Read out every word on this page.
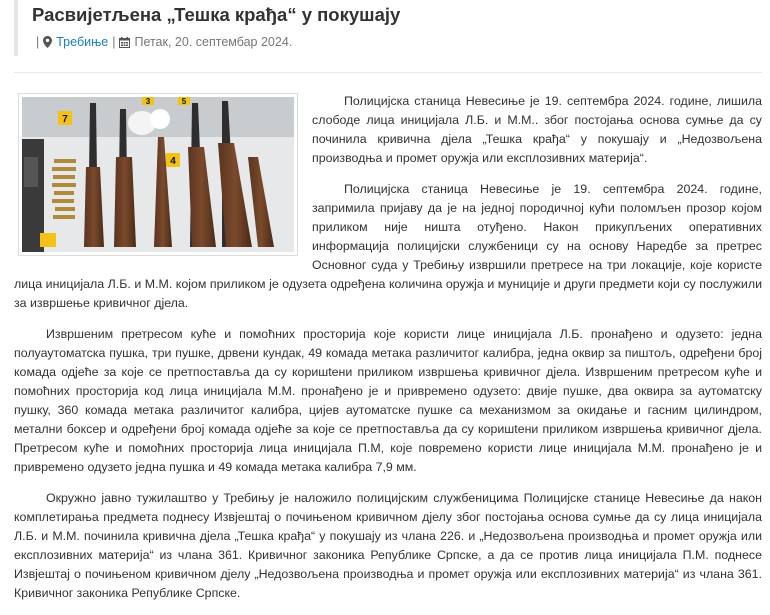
Расвијетљена „Тешка крађа“ у покушају
| Требиње | Петак, 20. септембар 2024.
7
3	5
4

Полицијска станица Невесиње је 19. септембра 2024. године, лишила слободе лица иницијала Л.Б. и М.М.. због постојања основа сумње да су починила кривична дјела „Тешка крађа“ у покушају и „Недозвољена производња и промет оружја или експлозивних материја“.

Полицијска станица Невесиње је 19. септембра 2024. године, запримила пријаву да је на једној породичној кући поломљен прозор којом приликом није ништа отуђено. Након прикупљених оперативних информација полицијски службеници су на основу Наредбе за претрес Основног суда у Требињу извршили претресе на три локације, које користе лица иницијала Л.Б. и М.М. којом приликом је одузета одређена количина оружја и муниције и други предмети који су послужили за извршење кривичног дјела.

Извршеним претресом куће и помоћних просторија које користи лице иницијала Л.Б. пронађено и одузето: једна полуаутоматска пушка, три пушке, дрвени кундак, 49 комада метака различитог калибра, једна оквир за пиштољ, одређени број комада одјеће за које се претпоставља да су коришteни приликом извршења кривичног дјела. Извршеним претресом куће и помоћних просторија код лица иницијала М.М. пронађено је и привремено одузето: двије пушке, два оквира за аутоматску пушку, 360 комада метака различитог калибра, цијев аутоматске пушке са механизмом за окидање и гасним цилиндром, метални боксер и одређени број комада одјеће за које се претпоставља да су коришteни приликом извршења кривичног дјела. Претресом куће и помоћних просторија лица иницијала П.М, које повремено користи лице иницијала М.М. пронађено је и привремено одузето једна пушка и 49 комада метака калибра 7,9 мм.

Окружно јавно тужилаштво у Требињу је наложило полицијским службеницима Полицијске станице Невесиње да након комплетирања предмета поднесу Извјештај о почињеном кривичном дјелу због постојања основа сумње да су лица иницијала Л.Б. и М.М. починила кривична дјела „Тешка крађа“ у покушају из члана 226. и „Недозвољена производња и промет оружја или експлозивних материја“ из члана 361. Кривичног законика Републике Српске, а да се против лица иницијала П.М. поднесе Извјештај о почињеном кривичном дјелу „Недозвољена производња и промет оружја или експлозивних материја“ из члана 361. Кривичног законика Републике Српске.
